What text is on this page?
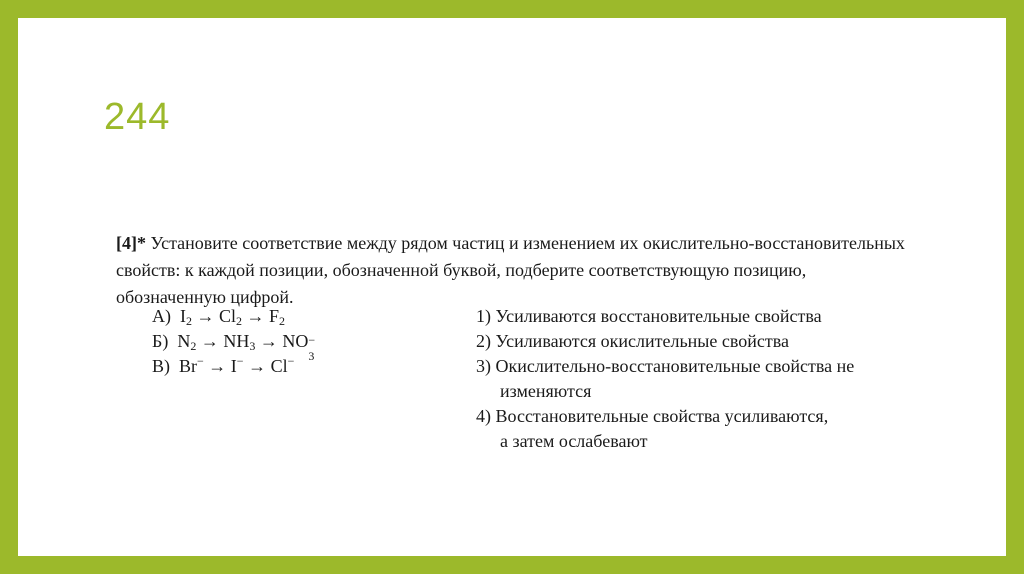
244
[4]* Установите соответствие между рядом частиц и изменением их окислительно-восстановительных свойств: к каждой позиции, обозначенной буквой, подберите соответствующую позицию, обозначенную цифрой.
А)  $I_2 \to Cl_2 \to F_2$
Б)  $N_2 \to NH_3$ → NO −
3
В)  Br− → I− → Cl−
1) Усиливаются восстановительные свойства
2) Усиливаются окислительные свойства
3) Окислительно-восстановительные свойства не
изменяются
4) Восстановительные свойства усиливаются,
а затем ослабевают
